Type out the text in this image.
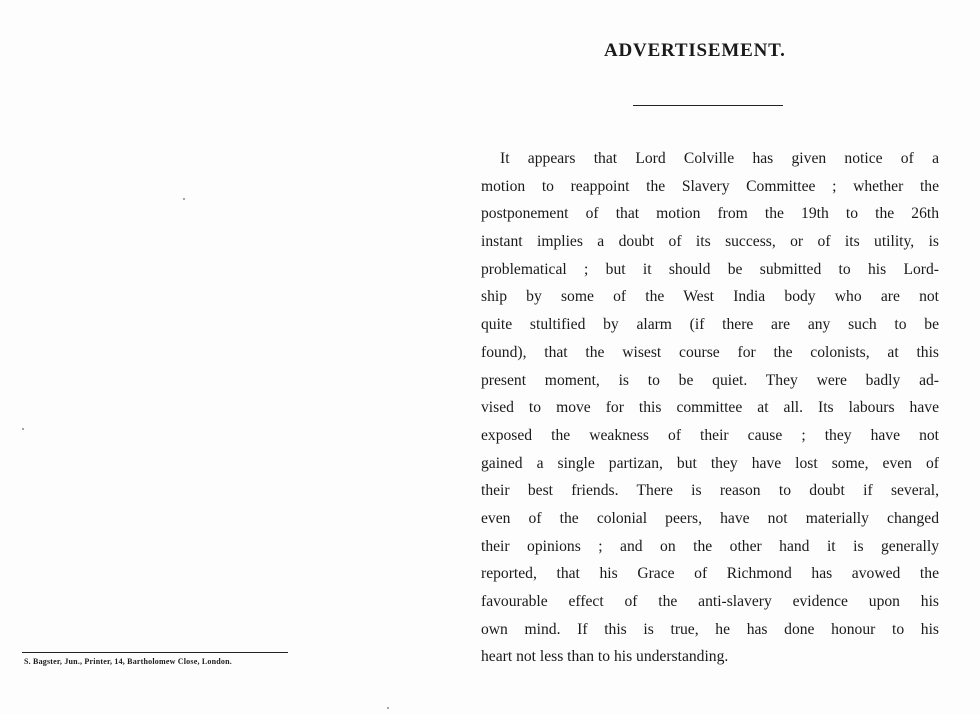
S. Bagster, Jun., Printer, 14, Bartholomew Close, London.
ADVERTISEMENT.
It appears that Lord Colville has given notice of a
motion to reappoint the Slavery Committee ; whether the
postponement of that motion from the 19th to the 26th
instant implies a doubt of its success, or of its utility, is
problematical ; but it should be submitted to his Lord-
ship by some of the West India body who are not
quite stultified by alarm (if there are any such to be
found), that the wisest course for the colonists, at this
present moment, is to be quiet. They were badly ad-
vised to move for this committee at all. Its labours have
exposed the weakness of their cause ; they have not
gained a single partizan, but they have lost some, even of
their best friends. There is reason to doubt if several,
even of the colonial peers, have not materially changed
their opinions ; and on the other hand it is generally
reported, that his Grace of Richmond has avowed the
favourable effect of the anti-slavery evidence upon his
own mind. If this is true, he has done honour to his
heart not less than to his understanding.
